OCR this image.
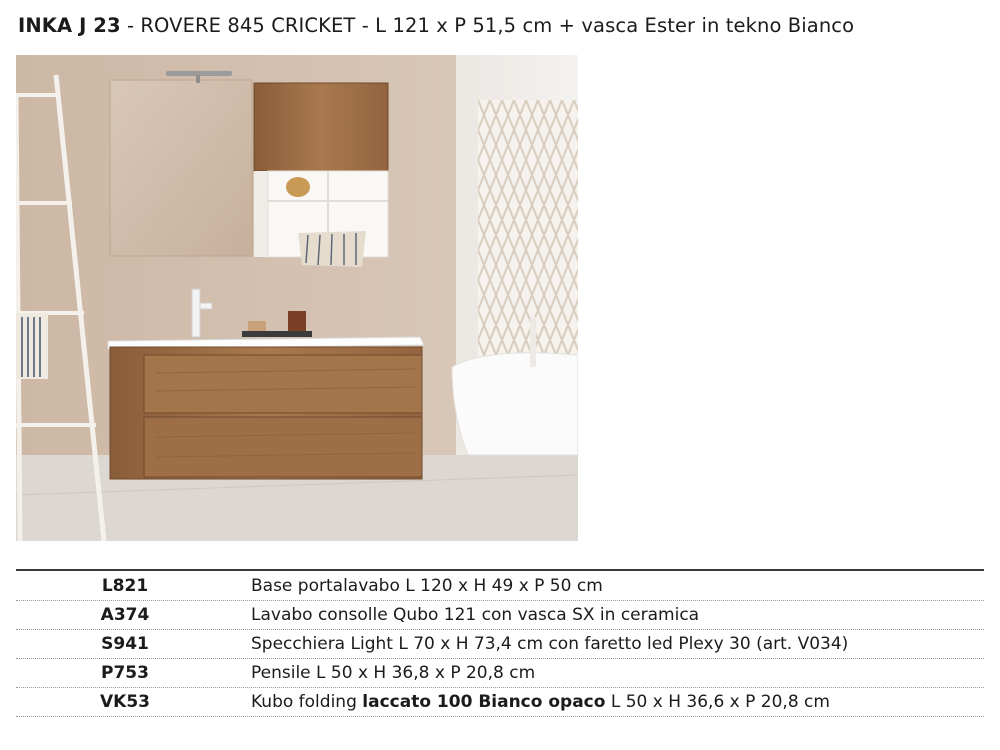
INKA J 23 - ROVERE 845 CRICKET - L 121 x P 51,5 cm + vasca Ester in tekno Bianco
L821	Base portalavabo L 120 x H 49 x P 50 cm
A374	Lavabo consolle Qubo 121 con vasca SX in ceramica
S941	Specchiera Light L 70 x H 73,4 cm con faretto led Plexy 30 (art. V034)
P753	Pensile L 50 x H 36,8 x P 20,8 cm
VK53	Kubo folding laccato 100 Bianco opaco L 50 x H 36,6 x P 20,8 cm
